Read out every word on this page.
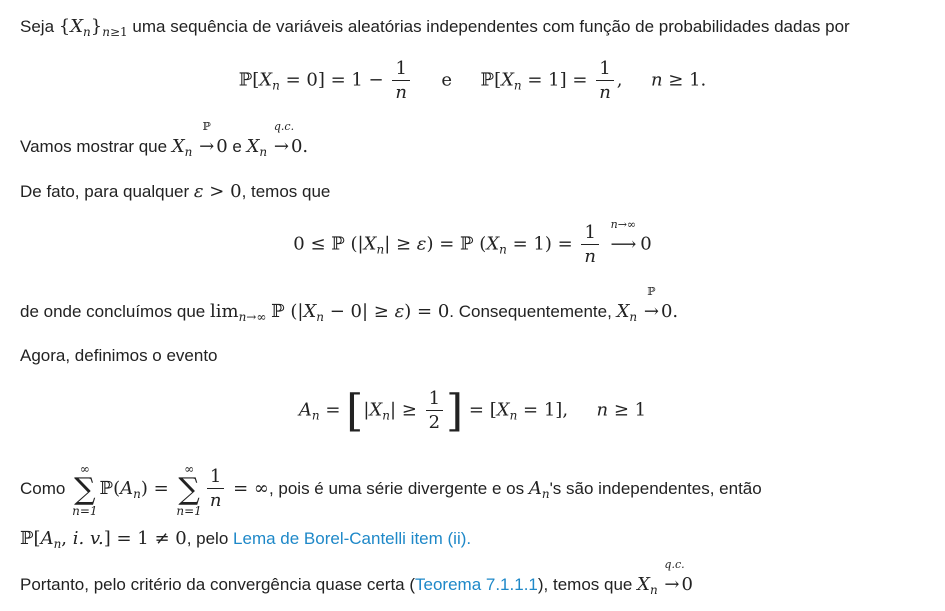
Seja $\{X_n\}_{n\ge 1}$ uma sequência de variáveis aleatórias independentes com função de probabilidades dadas por
$ℙ[X_n = 0] = 1 - \frac{1}{n}$ e $ℙ[X_n = 1] = \frac{1}{n}$ , n ≥ 1.
Vamos mostrar que $X_n$
ℙ
→ 0 e $X_n$
q.c.
→ 0.
De fato, para qualquer ε > 0, temos que
0 ≤ ℙ $(|X_n| \ge \varepsilon)$ = ℙ $(X_n = 1) = \frac{1}{n}$
n→∞
⟶ 0
de onde concluímos que $\lim_{n\to\infty}$ ℙ $(|X_n - 0| \ge \varepsilon) = 0$. Consequentemente, $X_n$
ℙ
→ 0.
Agora, definimos o evento
$A_n = [|X_n| \ge \frac{1}{2}$ ] = $[X_n = 1]$, n ≥ 1
Como
∞
∑
n=1
$ℙ(A_n)$ =
∞
∑
$n=1 \frac{1}{n}$ = ∞, pois é uma série divergente e os $A_n's$ são independentes, então
$ℙ[A_n$, i. v.] = 1 ≠ 0, pelo Lema de Borel-Cantelli item (ii).
Portanto, pelo critério da convergência quase certa (Teorema 7.1.1.1), temos que $X_n$
q.c.
→ 0
